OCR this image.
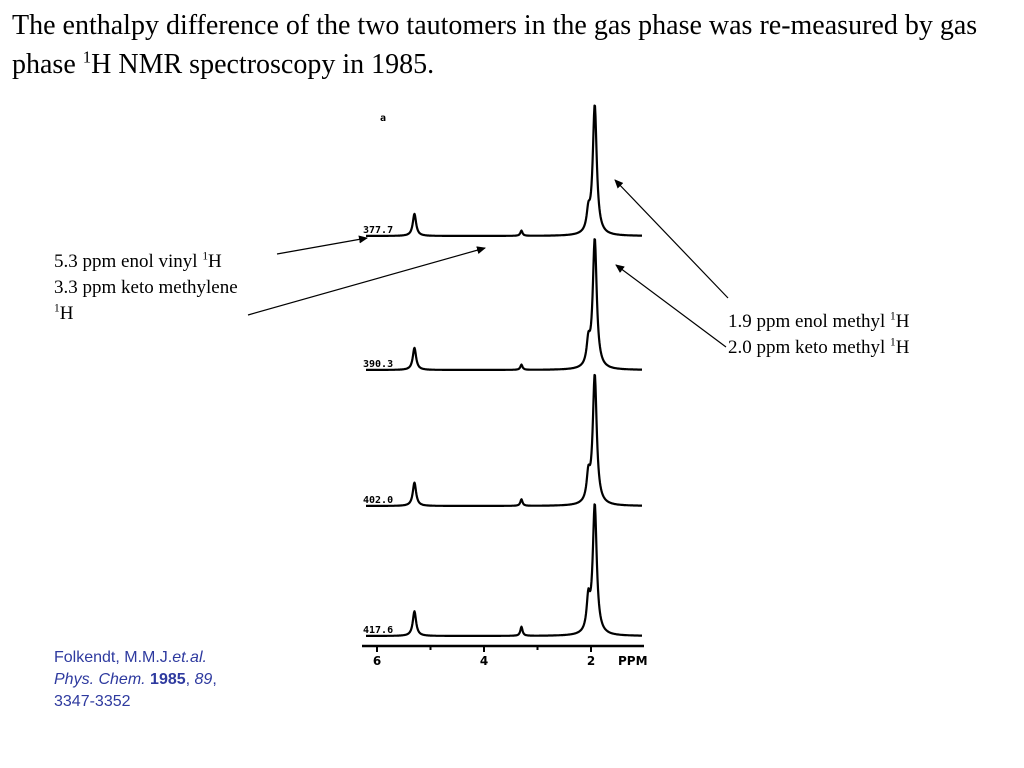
The enthalpy difference of the two tautomers in the gas phase was re-measured by gas phase $^1$H NMR spectroscopy in 1985.
5.3 ppm enol vinyl $^1$H
3.3 ppm keto methylene
$^1$H	1.9 ppm enol methyl $^1$H
2.0 ppm keto methyl $^1$H
Folkendt, M.M.J.et.al.
Phys. Chem. 1985, 89,
3347-3352
a
377.7
390.3
402.0
417.6
6	4	2 PPM
